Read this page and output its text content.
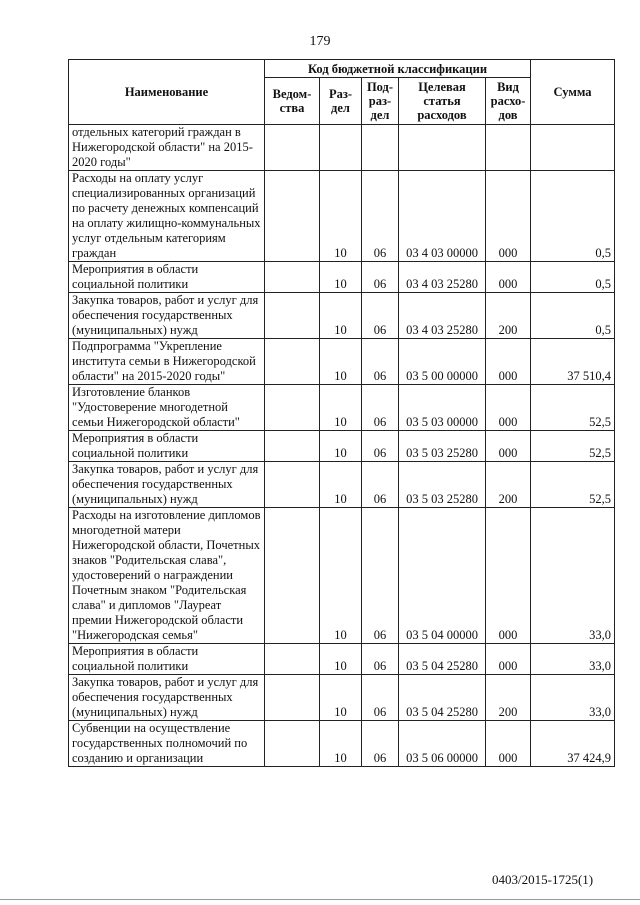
179
Наименование	Код бюджетной классификации					Сумма
	Ведом-ства	Раз-дел	Под-раз-дел	Целевая статья расходов	Вид расхо-дов	
отдельных категорий граждан в Нижегородской области" на 2015-2020 годы"						
Расходы на оплату услуг специализированных организаций по расчету денежных компенсаций на оплату жилищно-коммунальных услуг отдельным категориям граждан		10	06	03 4 03 00000	000	0,5
Мероприятия в области социальной политики		10	06	03 4 03 25280	000	0,5
Закупка товаров, работ и услуг для обеспечения государственных (муниципальных) нужд		10	06	03 4 03 25280	200	0,5
Подпрограмма "Укрепление института семьи в Нижегородской области" на 2015-2020 годы"		10	06	03 5 00 00000	000	37 510,4
Изготовление бланков "Удостоверение многодетной семьи Нижегородской области"		10	06	03 5 03 00000	000	52,5
Мероприятия в области социальной политики		10	06	03 5 03 25280	000	52,5
Закупка товаров, работ и услуг для обеспечения государственных (муниципальных) нужд		10	06	03 5 03 25280	200	52,5
Расходы на изготовление дипломов многодетной матери Нижегородской области, Почетных знаков "Родительская слава", удостоверений о награждении Почетным знаком "Родительская слава" и дипломов "Лауреат премии Нижегородской области "Нижегородская семья"		10	06	03 5 04 00000	000	33,0
Мероприятия в области социальной политики		10	06	03 5 04 25280	000	33,0
Закупка товаров, работ и услуг для обеспечения государственных (муниципальных) нужд		10	06	03 5 04 25280	200	33,0
Субвенции на осуществление государственных полномочий по созданию и организации		10	06	03 5 06 00000	000	37 424,9
0403/2015-1725(1)
